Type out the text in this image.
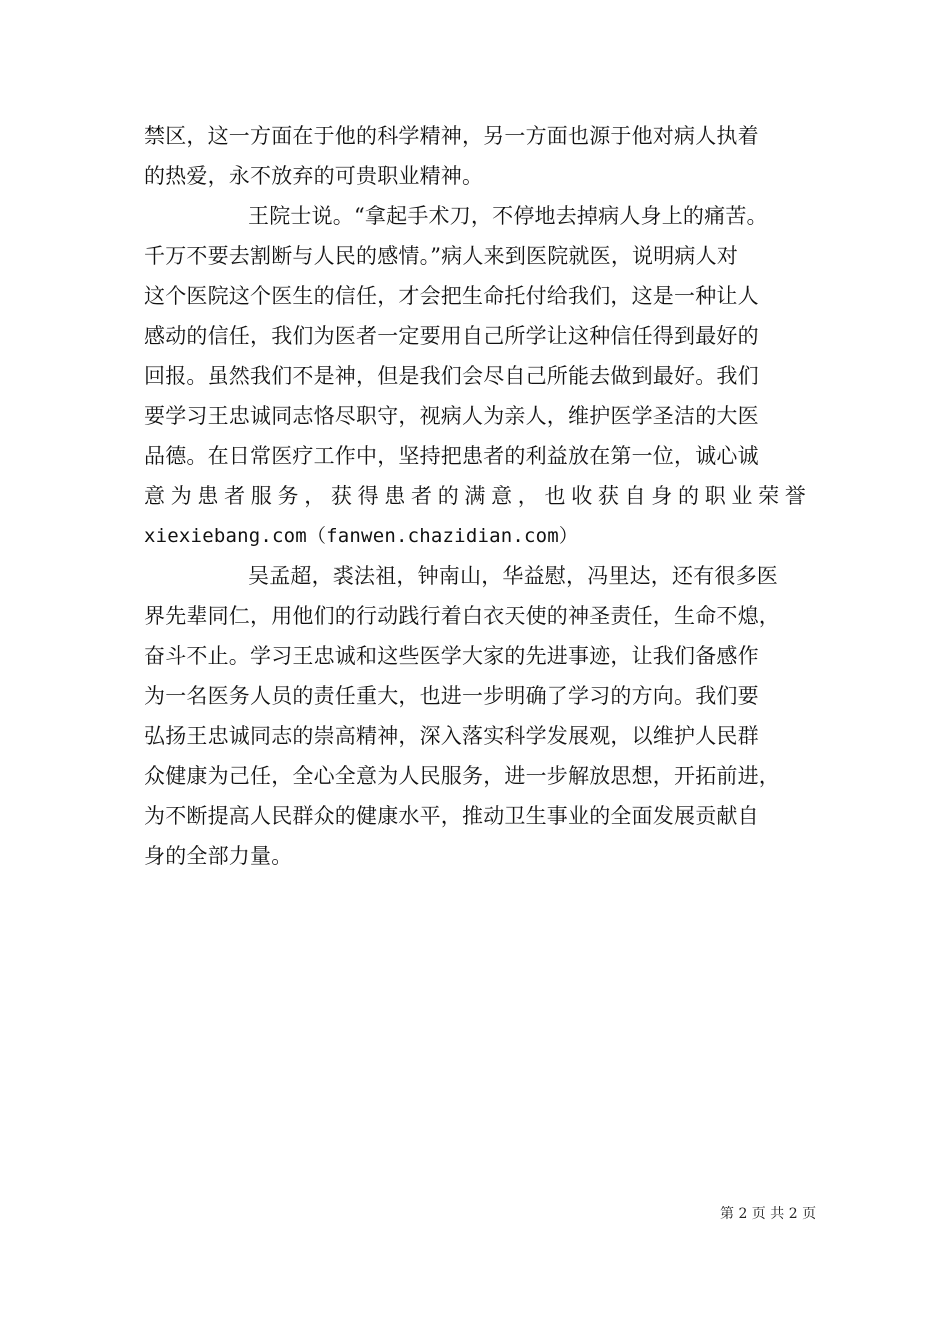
禁区，这一方面在于他的科学精神，另一方面也源于他对病人执着
的热爱，永不放弃的可贵职业精神。
王院士说。“拿起手术刀，不停地去掉病人身上的痛苦。
千万不要去割断与人民的感情。”病人来到医院就医，说明病人对
这个医院这个医生的信任，才会把生命托付给我们，这是一种让人
感动的信任，我们为医者一定要用自己所学让这种信任得到最好的
回报。虽然我们不是神，但是我们会尽自己所能去做到最好。我们
要学习王忠诚同志恪尽职守，视病人为亲人，维护医学圣洁的大医
品德。在日常医疗工作中，坚持把患者的利益放在第一位，诚心诚
意为患者服务，获得患者的满意，也收获自身的职业荣誉
xiexiebang.com（fanwen.chazidian.com）
吴孟超，裘法祖，钟南山，华益慰，冯里达，还有很多医
界先辈同仁，用他们的行动践行着白衣天使的神圣责任，生命不熄，
奋斗不止。学习王忠诚和这些医学大家的先进事迹，让我们备感作
为一名医务人员的责任重大，也进一步明确了学习的方向。我们要
弘扬王忠诚同志的崇高精神，深入落实科学发展观，以维护人民群
众健康为己任，全心全意为人民服务，进一步解放思想，开拓前进，
为不断提高人民群众的健康水平，推动卫生事业的全面发展贡献自
身的全部力量。
第 2 页 共 2 页
